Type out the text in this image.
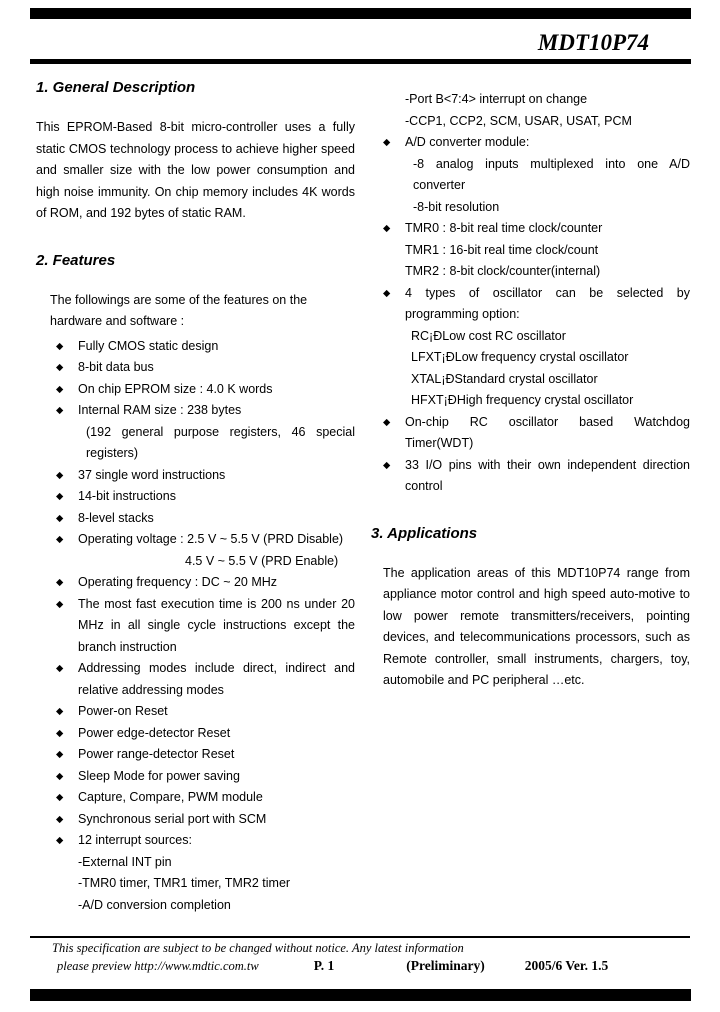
MDT10P74
1. General Description

This EPROM-Based 8-bit micro-controller uses a fully static CMOS technology process to achieve higher speed and smaller size with the low power consumption and high noise immunity. On chip memory includes 4K words of ROM, and 192 bytes of static RAM.

2. Features

The followings are some of the features on the hardware and software :

◆	Fully CMOS static design
◆	8-bit data bus
◆	On chip EPROM size : 4.0 K words
◆	Internal RAM size : 238 bytes
(192 general purpose registers, 46 special registers)
◆	37 single word instructions
◆	14-bit instructions
◆	8-level stacks
◆	Operating voltage : 2.5 V ~ 5.5 V (PRD Disable)
4.5 V ~ 5.5 V (PRD Enable)
◆	Operating frequency : DC ~ 20 MHz
◆	The most fast execution time is 200 ns under 20 MHz in all single cycle instructions except the branch instruction
◆	Addressing modes include direct, indirect and relative addressing modes
◆	Power-on Reset
◆	Power edge-detector Reset
◆	Power range-detector Reset
◆	Sleep Mode for power saving
◆	Capture, Compare, PWM module
◆	Synchronous serial port with SCM
◆	12 interrupt sources:
-External INT pin
-TMR0 timer, TMR1 timer, TMR2 timer
-A/D conversion completion
-Port B<7:4> interrupt on change
-CCP1, CCP2, SCM, USAR, USAT, PCM
◆	A/D converter module:
-8 analog inputs multiplexed into one A/D converter
-8-bit resolution
◆	TMR0 : 8-bit real time clock/counter
TMR1 : 16-bit real time clock/count
TMR2 : 8-bit clock/counter(internal)
◆	4 types of oscillator can be selected by programming option:
RC¡ÐLow cost RC oscillator
LFXT¡ÐLow frequency crystal oscillator
XTAL¡ÐStandard crystal oscillator
HFXT¡ÐHigh frequency crystal oscillator
◆	On-chip RC oscillator based Watchdog Timer(WDT)
◆	33 I/O pins with their own independent direction control
3. Applications

The application areas of this MDT10P74 range from appliance motor control and high speed auto-motive to low power remote transmitters/receivers, pointing devices, and telecommunications processors, such as Remote controller, small instruments, chargers, toy, automobile and PC peripheral …etc.

This specification are subject to be changed without notice. Any latest information
please preview http://www.mdtic.com.tw	P. 1	(Preliminary)	2005/6 Ver. 1.5
